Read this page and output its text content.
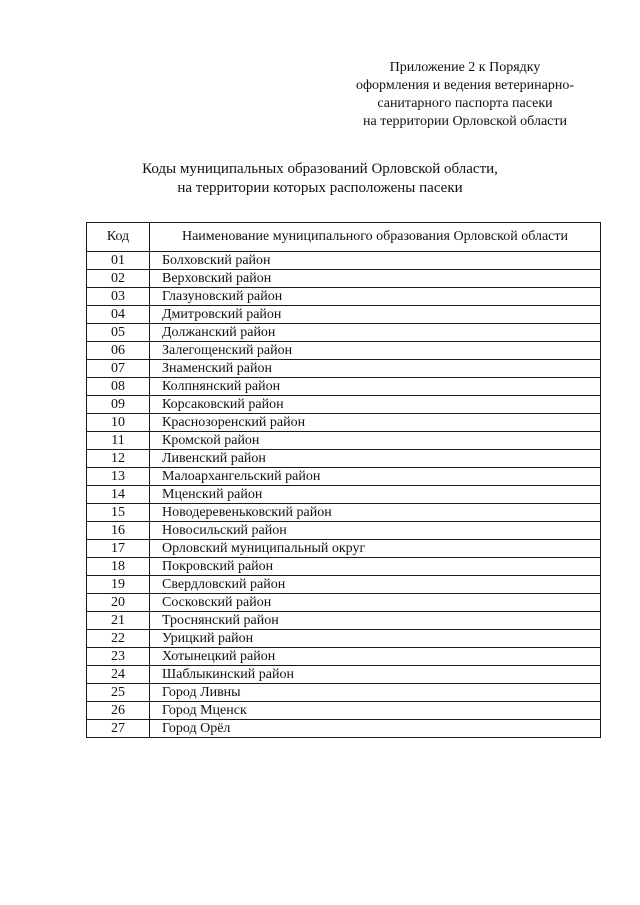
Приложение 2 к Порядку
оформления и ведения ветеринарно-
санитарного паспорта пасеки
на территории Орловской области
Коды муниципальных образований Орловской области,
на территории которых расположены пасеки
Код	Наименование муниципального образования Орловской области
01	Болховский район
02	Верховский район
03	Глазуновский район
04	Дмитровский район
05	Должанский район
06	Залегощенский район
07	Знаменский район
08	Колпнянский район
09	Корсаковский район
10	Краснозоренский район
11	Кромской район
12	Ливенский район
13	Малоархангельский район
14	Мценский район
15	Новодеревеньковский район
16	Новосильский район
17	Орловский муниципальный округ
18	Покровский район
19	Свердловский район
20	Сосковский район
21	Троснянский район
22	Урицкий район
23	Хотынецкий район
24	Шаблыкинский район
25	Город Ливны
26	Город Мценск
27	Город Орёл
